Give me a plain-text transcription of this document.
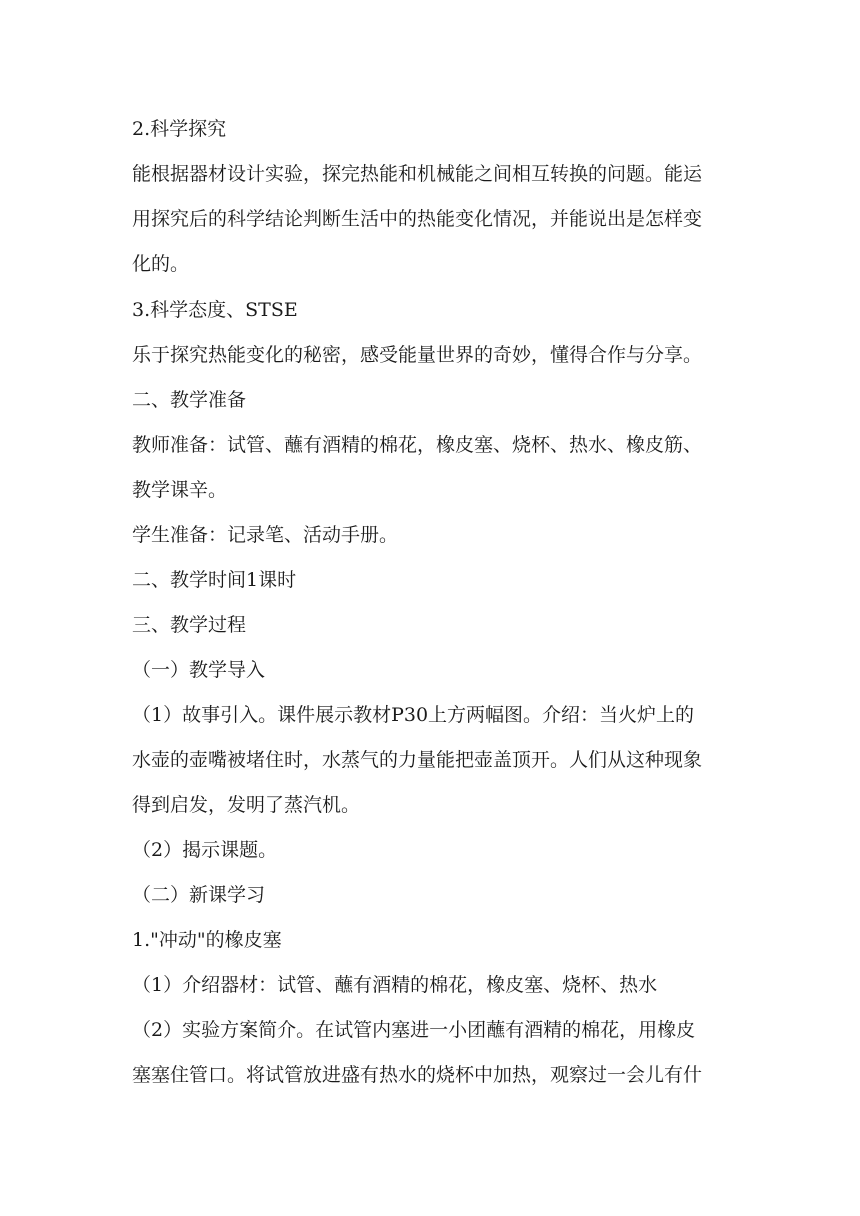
2.科学探究

能根据器材设计实验，探完热能和机械能之间相互转换的问题。能运

用探究后的科学结论判断生活中的热能变化情况，并能说出是怎样变

化的。

3.科学态度、STSE

乐于探究热能变化的秘密，感受能量世界的奇妙，懂得合作与分享。

二、教学准备

教师准备：试管、蘸有酒精的棉花，橡皮塞、烧杯、热水、橡皮筋、

教学课辛。

学生准备：记录笔、活动手册。

二、教学时间1课时

三、教学过程

（一）教学导入

（1）故事引入。课件展示教材P30上方两幅图。介绍：当火炉上的

水壶的壶嘴被堵住时，水蒸气的力量能把壶盖顶开。人们从这种现象

得到启发，发明了蒸汽机。

（2）揭示课题。

（二）新课学习

1."冲动"的橡皮塞

（1）介绍器材：试管、蘸有酒精的棉花，橡皮塞、烧杯、热水

（2）实验方案简介。在试管内塞进一小团蘸有酒精的棉花，用橡皮

塞塞住管口。将试管放进盛有热水的烧杯中加热，观察过一会儿有什
